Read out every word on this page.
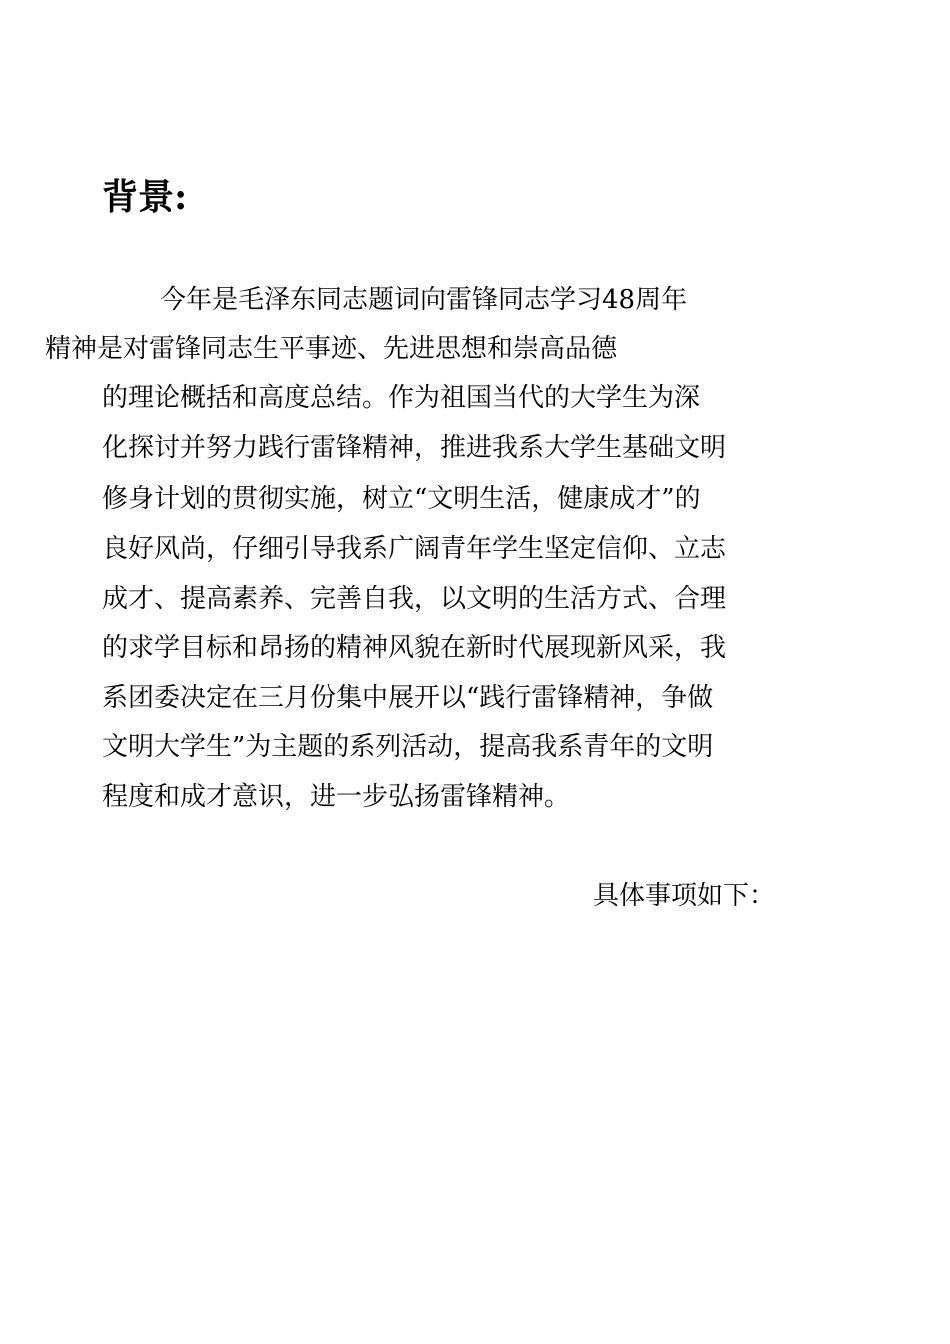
背景:
今年是毛泽东同志题词向雷锋同志学习48周年
精神是对雷锋同志生平事迹、先进思想和崇高品德
的理论概括和高度总结。作为祖国当代的大学生为深
化探讨并努力践行雷锋精神，推进我系大学生基础文明
修身计划的贯彻实施，树立“文明生活，健康成才”的
良好风尚，仔细引导我系广阔青年学生坚定信仰、立志
成才、提高素养、完善自我，以文明的生活方式、合理
的求学目标和昂扬的精神风貌在新时代展现新风采，我
系团委决定在三月份集中展开以“践行雷锋精神，争做
文明大学生”为主题的系列活动，提高我系青年的文明
程度和成才意识，进一步弘扬雷锋精神。
具体事项如下：
